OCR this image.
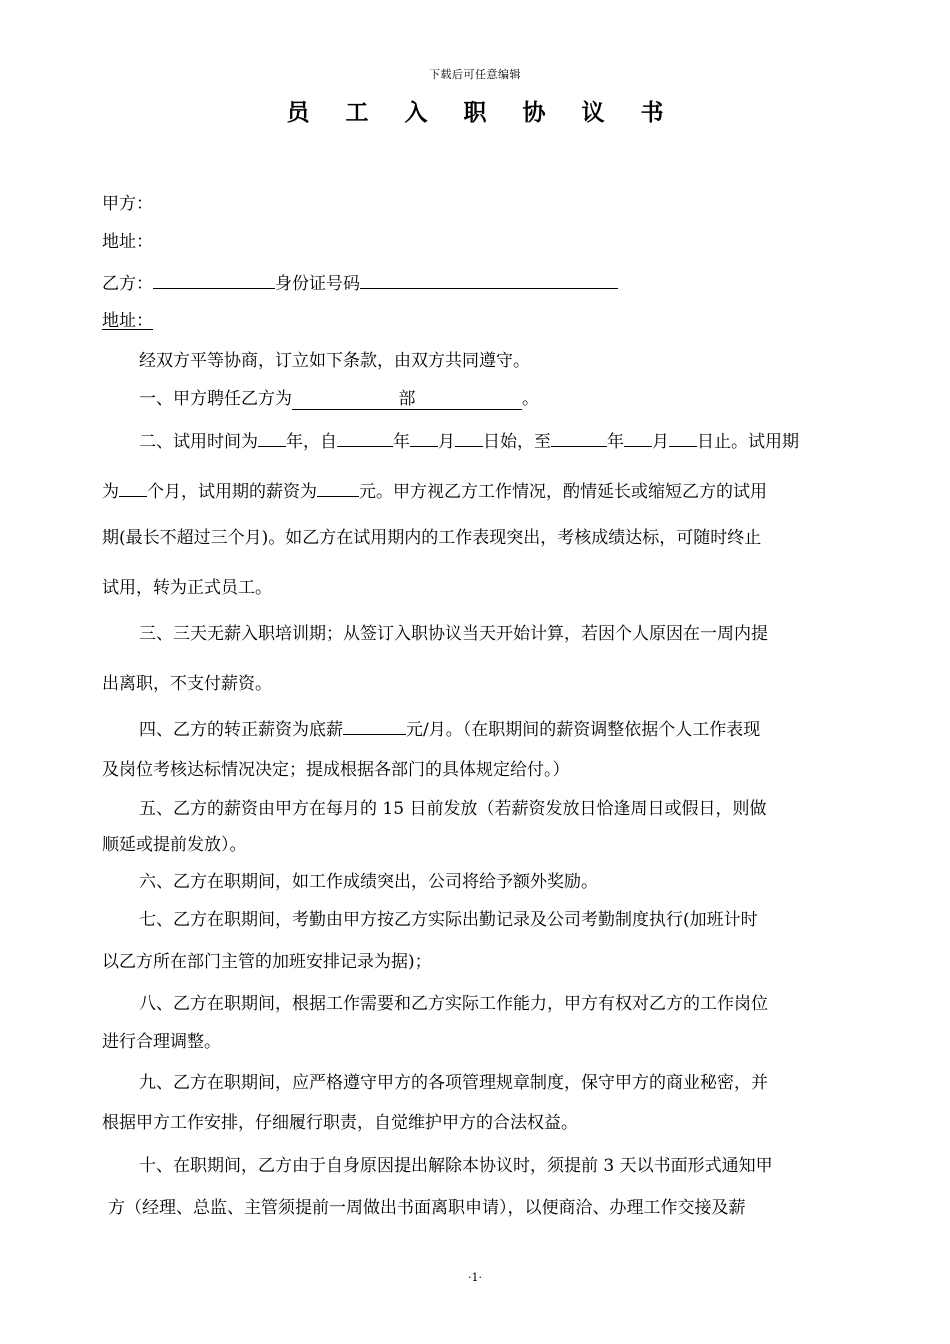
下载后可任意编辑
员 工 入 职 协 议 书
甲方：
地址：
乙方：	身份证号码
地址：
经双方平等协商，订立如下条款，由双方共同遵守。
一、甲方聘任乙方为	部	。
二、试用时间为 年，自	年 月 日始，至	年 月 日止。试用期
为 个月，试用期的薪资为 元。甲方视乙方工作情况，酌情延长或缩短乙方的试用
期(最长不超过三个月)。如乙方在试用期内的工作表现突出，考核成绩达标，可随时终止
试用，转为正式员工。
三、三天无薪入职培训期；从签订入职协议当天开始计算，若因个人原因在一周内提
出离职，不支付薪资。
四、乙方的转正薪资为底薪	元/月。（在职期间的薪资调整依据个人工作表现
及岗位考核达标情况决定；提成根据各部门的具体规定给付。）
五、乙方的薪资由甲方在每月的 15 日前发放（若薪资发放日恰逢周日或假日，则做
顺延或提前发放）。
六、乙方在职期间，如工作成绩突出，公司将给予额外奖励。
七、乙方在职期间，考勤由甲方按乙方实际出勤记录及公司考勤制度执行(加班计时
以乙方所在部门主管的加班安排记录为据)；
八、乙方在职期间，根据工作需要和乙方实际工作能力，甲方有权对乙方的工作岗位
进行合理调整。
九、乙方在职期间，应严格遵守甲方的各项管理规章制度，保守甲方的商业秘密，并
根据甲方工作安排，仔细履行职责，自觉维护甲方的合法权益。
十、在职期间，乙方由于自身原因提出解除本协议时，须提前 3 天以书面形式通知甲
方（经理、总监、主管须提前一周做出书面离职申请），以便商洽、办理工作交接及薪
·1·
